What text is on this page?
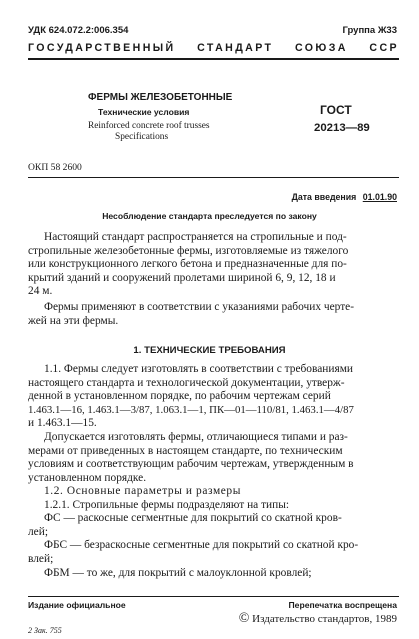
УДК 624.072.2:006.354	Группа Ж33
ГОСУДАРСТВЕННЫЙ СТАНДАРТ СОЮЗА ССР
ФЕРМЫ ЖЕЛЕЗОБЕТОННЫЕ
Технические условия
Reinforced concrete roof trusses
Specifications
ГОСТ
20213—89
ОКП 58 2600
Дата введения 01.01.90
Несоблюдение стандарта преследуется по закону
Настоящий стандарт распространяется на стропильные и под-
стропильные железобетонные фермы, изготовляемые из тяжелого
или конструкционного легкого бетона и предназначенные для по-
крытий зданий и сооружений пролетами шириной 6, 9, 12, 18 и
24 м.
Фермы применяют в соответствии с указаниями рабочих черте-
жей на эти фермы.
1. ТЕХНИЧЕСКИЕ ТРЕБОВАНИЯ
1.1. Фермы следует изготовлять в соответствии с требованиями
настоящего стандарта и технологической документации, утверж-
денной в установленном порядке, по рабочим чертежам серий
1.463.1—16, 1.463.1—3/87, 1.063.1—1, ПК—01—110/81, 1.463.1—4/87
и 1.463.1—15.
Допускается изготовлять фермы, отличающиеся типами и раз-
мерами от приведенных в настоящем стандарте, по техническим
условиям и соответствующим рабочим чертежам, утвержденным в
установленном порядке.
1.2. Основные параметры и размеры
1.2.1. Стропильные фермы подразделяют на типы:
ФС — раскосные сегментные для покрытий со скатной кров-
лей;
ФБС — безраскосные сегментные для покрытий со скатной кро-
влей;
ФБМ — то же, для покрытий с малоуклонной кровлей;
Издание официальное	Перепечатка воспрещена
© Издательство стандартов, 1989
2 Зак. 755
